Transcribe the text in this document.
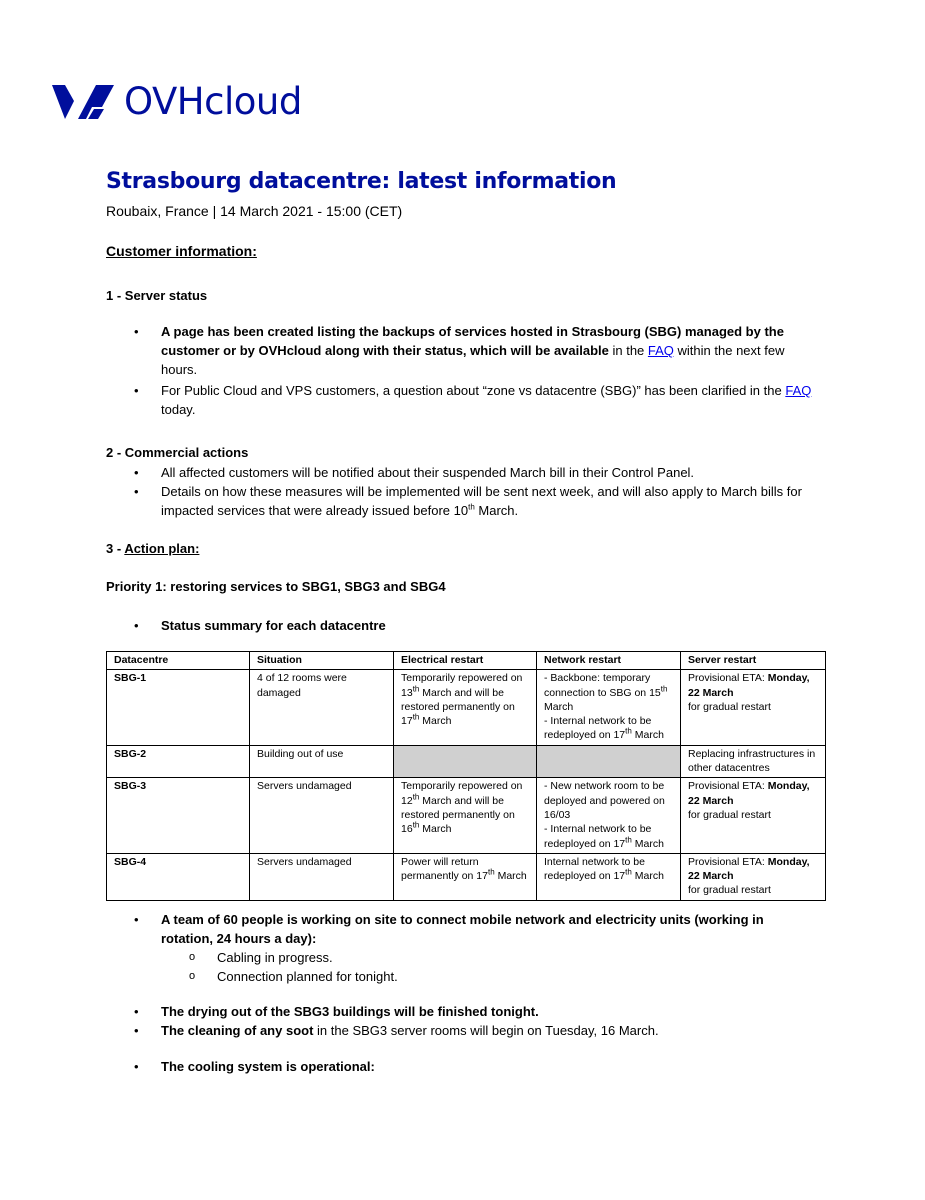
OVHcloud
Strasbourg datacentre: latest information
Roubaix, France | 14 March 2021 - 15:00 (CET)
Customer information:
1 - Server status
• A page has been created listing the backups of services hosted in Strasbourg (SBG) managed by the customer or by OVHcloud along with their status, which will be available in the FAQ within the next few hours.
• For Public Cloud and VPS customers, a question about “zone vs datacentre (SBG)” has been clarified in the FAQ today.
2 - Commercial actions
• All affected customers will be notified about their suspended March bill in their Control Panel.
• Details on how these measures will be implemented will be sent next week, and will also apply to March bills for impacted services that were already issued before 10th March.
3 - Action plan:
Priority 1: restoring services to SBG1, SBG3 and SBG4
• Status summary for each datacentre
Datacentre	Situation	Electrical restart	Network restart	Server restart
SBG-1	4 of 12 rooms were damaged	Temporarily repowered on 13th March and will be restored permanently on 17th March	- Backbone: temporary connection to SBG on 15th March
- Internal network to be redeployed on 17th March	Provisional ETA: Monday, 22 March
for gradual restart
SBG-2	Building out of use			Replacing infrastructures in other datacentres
SBG-3	Servers undamaged	Temporarily repowered on 12th March and will be restored permanently on 16th March	- New network room to be deployed and powered on 16/03
- Internal network to be redeployed on 17th March	Provisional ETA: Monday, 22 March
for gradual restart
SBG-4	Servers undamaged	Power will return permanently on 17th March	Internal network to be redeployed on 17th March	Provisional ETA: Monday, 22 March
for gradual restart
• A team of 60 people is working on site to connect mobile network and electricity units (working in rotation, 24 hours a day):
o Cabling in progress.
o Connection planned for tonight.
• The drying out of the SBG3 buildings will be finished tonight.
• The cleaning of any soot in the SBG3 server rooms will begin on Tuesday, 16 March.
• The cooling system is operational:
